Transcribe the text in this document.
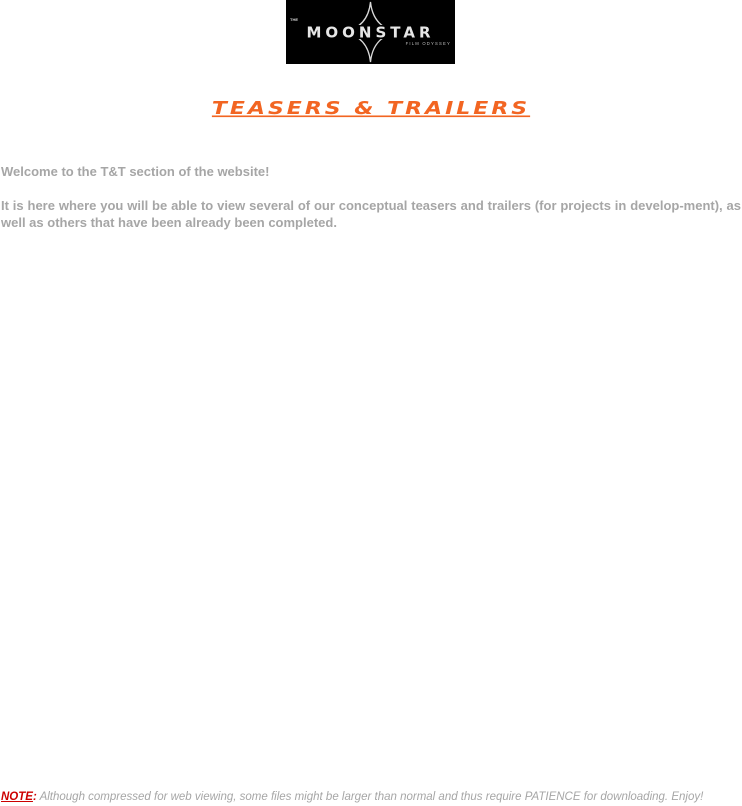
THE
MOONSTAR
FILM ODYSSEY
TEASERS & TRAILERS

Welcome to the T&T section of the website!

It is here where you will be able to view several of our conceptual teasers and trailers (for projects in develop-ment), as well as others that have been already been completed.

NOTE: Although compressed for web viewing, some files might be larger than normal and thus require PATIENCE for downloading. Enjoy!
